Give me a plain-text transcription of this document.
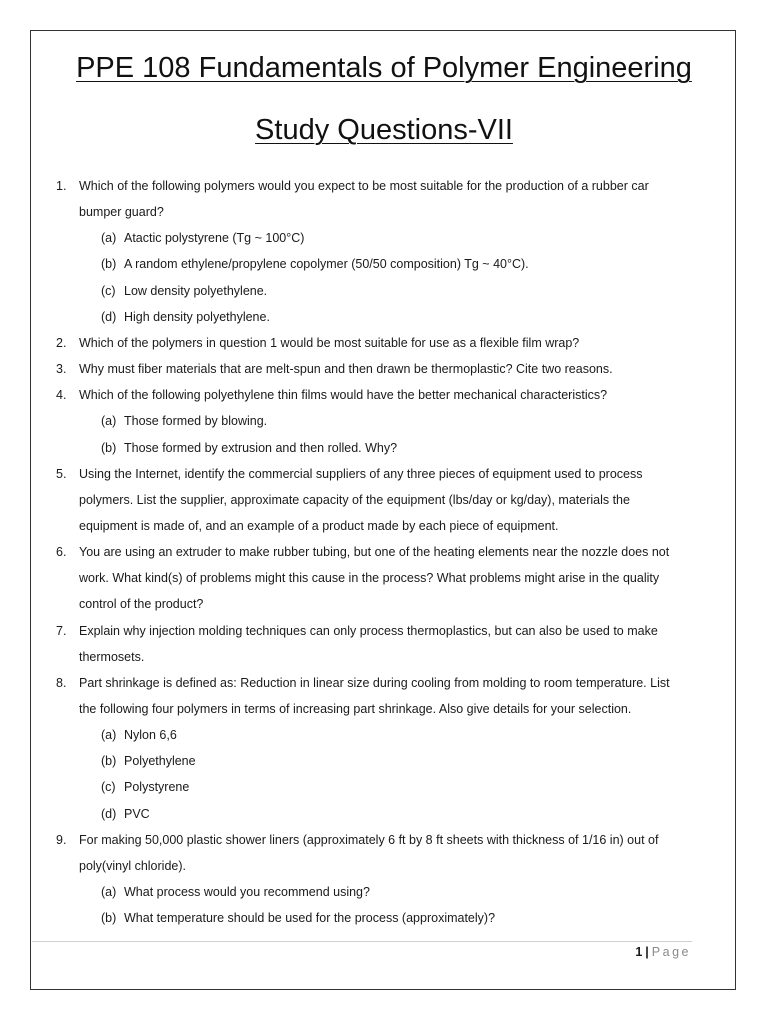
PPE 108 Fundamentals of Polymer Engineering
Study Questions-VII
1. Which of the following polymers would you expect to be most suitable for the production of a rubber car
bumper guard?
(a) Atactic polystyrene (Tg ~ 100°C)
(b) A random ethylene/propylene copolymer (50/50 composition) Tg ~ 40°C).
(c) Low density polyethylene.
(d) High density polyethylene.
2. Which of the polymers in question 1 would be most suitable for use as a flexible film wrap?
3. Why must fiber materials that are melt-spun and then drawn be thermoplastic? Cite two reasons.
4. Which of the following polyethylene thin films would have the better mechanical characteristics?
(a) Those formed by blowing.
(b) Those formed by extrusion and then rolled. Why?
5. Using the Internet, identify the commercial suppliers of any three pieces of equipment used to process
polymers. List the supplier, approximate capacity of the equipment (lbs/day or kg/day), materials the
equipment is made of, and an example of a product made by each piece of equipment.
6. You are using an extruder to make rubber tubing, but one of the heating elements near the nozzle does not
work. What kind(s) of problems might this cause in the process? What problems might arise in the quality
control of the product?
7. Explain why injection molding techniques can only process thermoplastics, but can also be used to make
thermosets.
8. Part shrinkage is defined as: Reduction in linear size during cooling from molding to room temperature. List
the following four polymers in terms of increasing part shrinkage. Also give details for your selection.
(a) Nylon 6,6
(b) Polyethylene
(c) Polystyrene
(d) PVC
9. For making 50,000 plastic shower liners (approximately 6 ft by 8 ft sheets with thickness of 1/16 in) out of
poly(vinyl chloride).
(a) What process would you recommend using?
(b) What temperature should be used for the process (approximately)?
1 | Page
